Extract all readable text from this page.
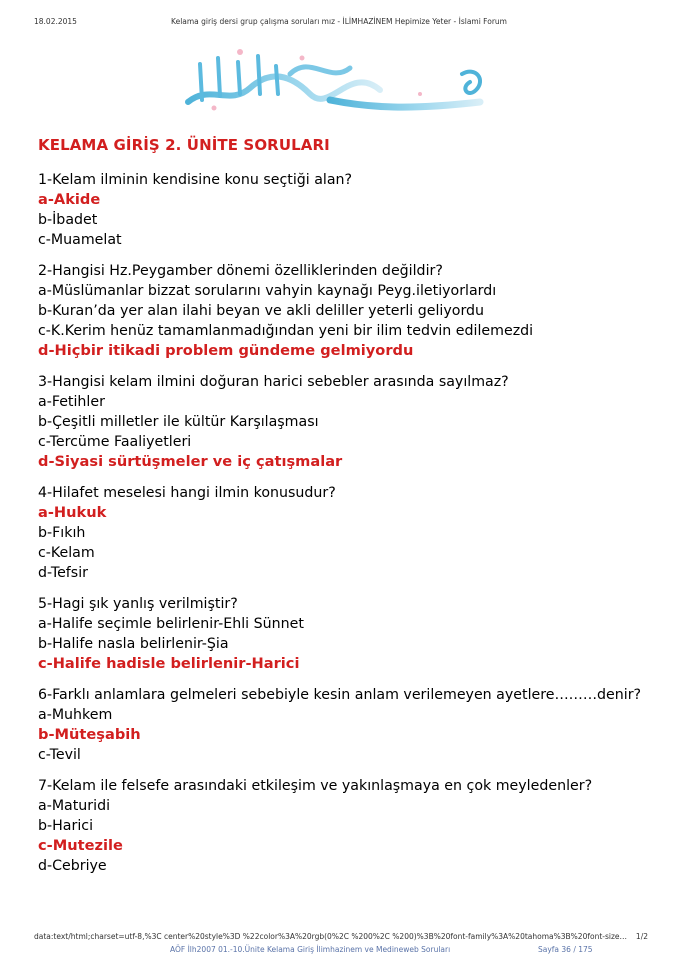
18.02.2015	Kelama giriş dersi grup çalışma soruları mız - İLİMHAZİNEM Hepimize Yeter - İslami Forum
KELAMA GİRİŞ 2. ÜNİTE SORULARI
1-Kelam ilminin kendisine konu seçtiği alan?
a-Akide
b-İbadet
c-Muamelat
2-Hangisi Hz.Peygamber dönemi özelliklerinden değildir?
a-Müslümanlar bizzat sorularını vahyin kaynağı Peyg.iletiyorlardı
b-Kuran’da yer alan ilahi beyan ve akli deliller yeterli geliyordu
c-K.Kerim henüz tamamlanmadığından yeni bir ilim tedvin edilemezdi
d-Hiçbir itikadi problem gündeme gelmiyordu
3-Hangisi kelam ilmini doğuran harici sebebler arasında sayılmaz?
a-Fetihler
b-Çeşitli milletler ile kültür Karşılaşması
c-Tercüme Faaliyetleri
d-Siyasi sürtüşmeler ve iç çatışmalar
4-Hilafet meselesi hangi ilmin konusudur?
a-Hukuk
b-Fıkıh
c-Kelam
d-Tefsir
5-Hagi şık yanlış verilmiştir?
a-Halife seçimle belirlenir-Ehli Sünnet
b-Halife nasla belirlenir-Şia
c-Halife hadisle belirlenir-Harici
6-Farklı anlamlara gelmeleri sebebiyle kesin anlam verilemeyen ayetlere………denir?
a-Muhkem
b-Müteşabih
c-Tevil
7-Kelam ile felsefe arasındaki etkileşim ve yakınlaşmaya en çok meyledenler?
a-Maturidi
b-Harici
c-Mutezile
d-Cebriye
data:text/html;charset=utf-8,%3C center%20style%3D %22color%3A%20rgb(0%2C %200%2C %200)%3B%20font-family%3A%20tahoma%3B%20font-size… 1/2
AÖF İlh2007 01.-10.Ünite Kelama Giriş İlimhazinem ve Medineweb Soruları	Sayfa 36 / 175
